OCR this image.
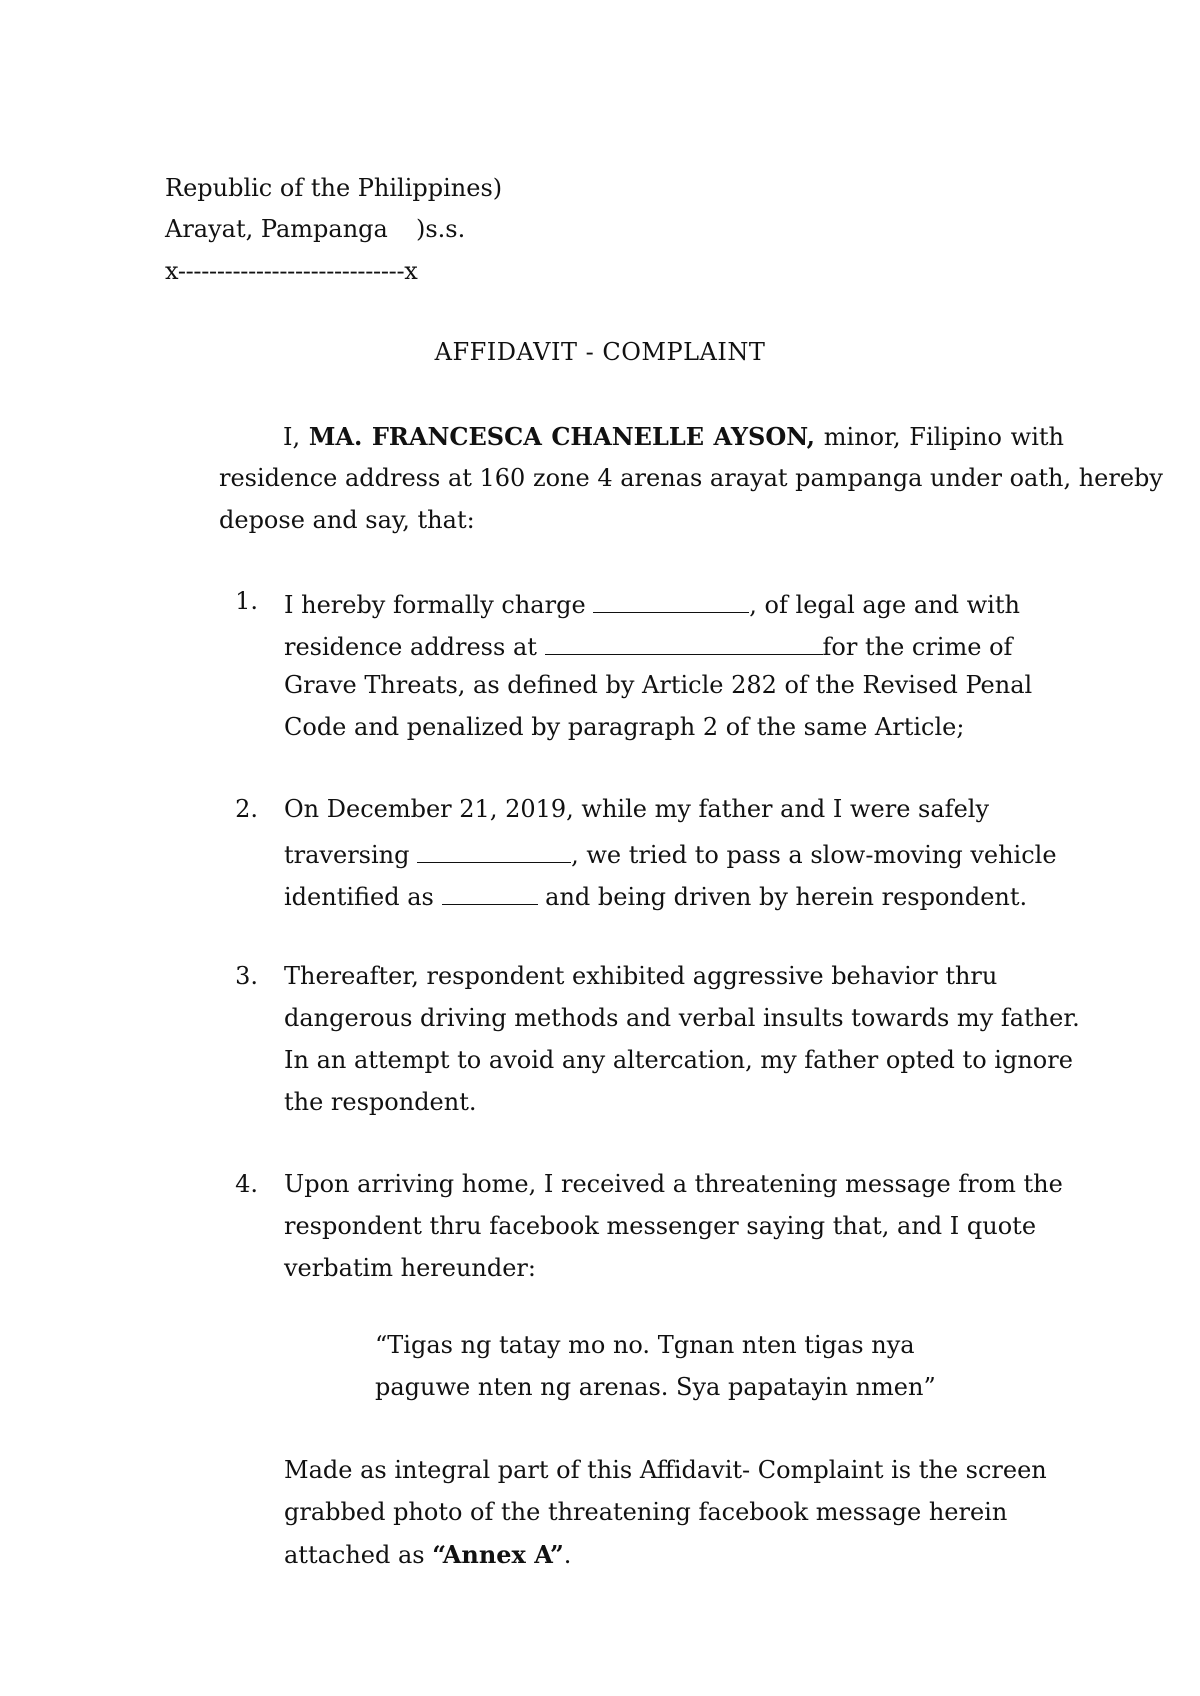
Republic of the Philippines)
Arayat, Pampanga )s.s.
x-----------------------------x
AFFIDAVIT - COMPLAINT
I, MA. FRANCESCA CHANELLE AYSON, minor, Filipino with
residence address at 160 zone 4 arenas arayat pampanga under oath, hereby
depose and say, that:
1. I hereby formally charge	, of legal age and with
residence address at	for the crime of
Grave Threats, as defined by Article 282 of the Revised Penal
Code and penalized by paragraph 2 of the same Article;
2. On December 21, 2019, while my father and I were safely
traversing	, we tried to pass a slow-moving vehicle
identified as	and being driven by herein respondent.
3. Thereafter, respondent exhibited aggressive behavior thru
dangerous driving methods and verbal insults towards my father.
In an attempt to avoid any altercation, my father opted to ignore
the respondent.
4. Upon arriving home, I received a threatening message from the
respondent thru facebook messenger saying that, and I quote
verbatim hereunder:
“Tigas ng tatay mo no. Tgnan nten tigas nya
paguwe nten ng arenas. Sya papatayin nmen”
Made as integral part of this Affidavit- Complaint is the screen
grabbed photo of the threatening facebook message herein
attached as “Annex A”.
